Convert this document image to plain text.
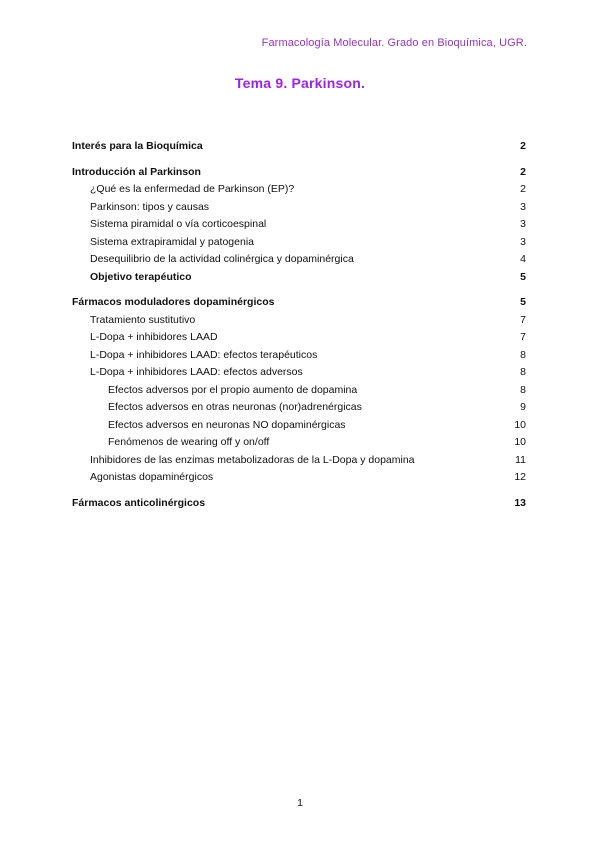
Farmacología Molecular. Grado en Bioquímica, UGR.
Tema 9. Parkinson.
Interés para la Bioquímica	2
Introducción al Parkinson	2
¿Qué es la enfermedad de Parkinson (EP)?	2
Parkinson: tipos y causas	3
Sistema piramidal o vía corticoespinal	3
Sistema extrapiramidal y patogenia	3
Desequilibrio de la actividad colinérgica y dopaminérgica	4
Objetivo terapéutico	5
Fármacos moduladores dopaminérgicos	5
Tratamiento sustitutivo	7
L-Dopa + inhibidores LAAD	7
L-Dopa + inhibidores LAAD: efectos terapéuticos	8
L-Dopa + inhibidores LAAD: efectos adversos	8
Efectos adversos por el propio aumento de dopamina	8
Efectos adversos en otras neuronas (nor)adrenérgicas	9
Efectos adversos en neuronas NO dopaminérgicas	10
Fenómenos de wearing off y on/off	10
Inhibidores de las enzimas metabolizadoras de la L-Dopa y dopamina	11
Agonistas dopaminérgicos	12
Fármacos anticolinérgicos	13
1
